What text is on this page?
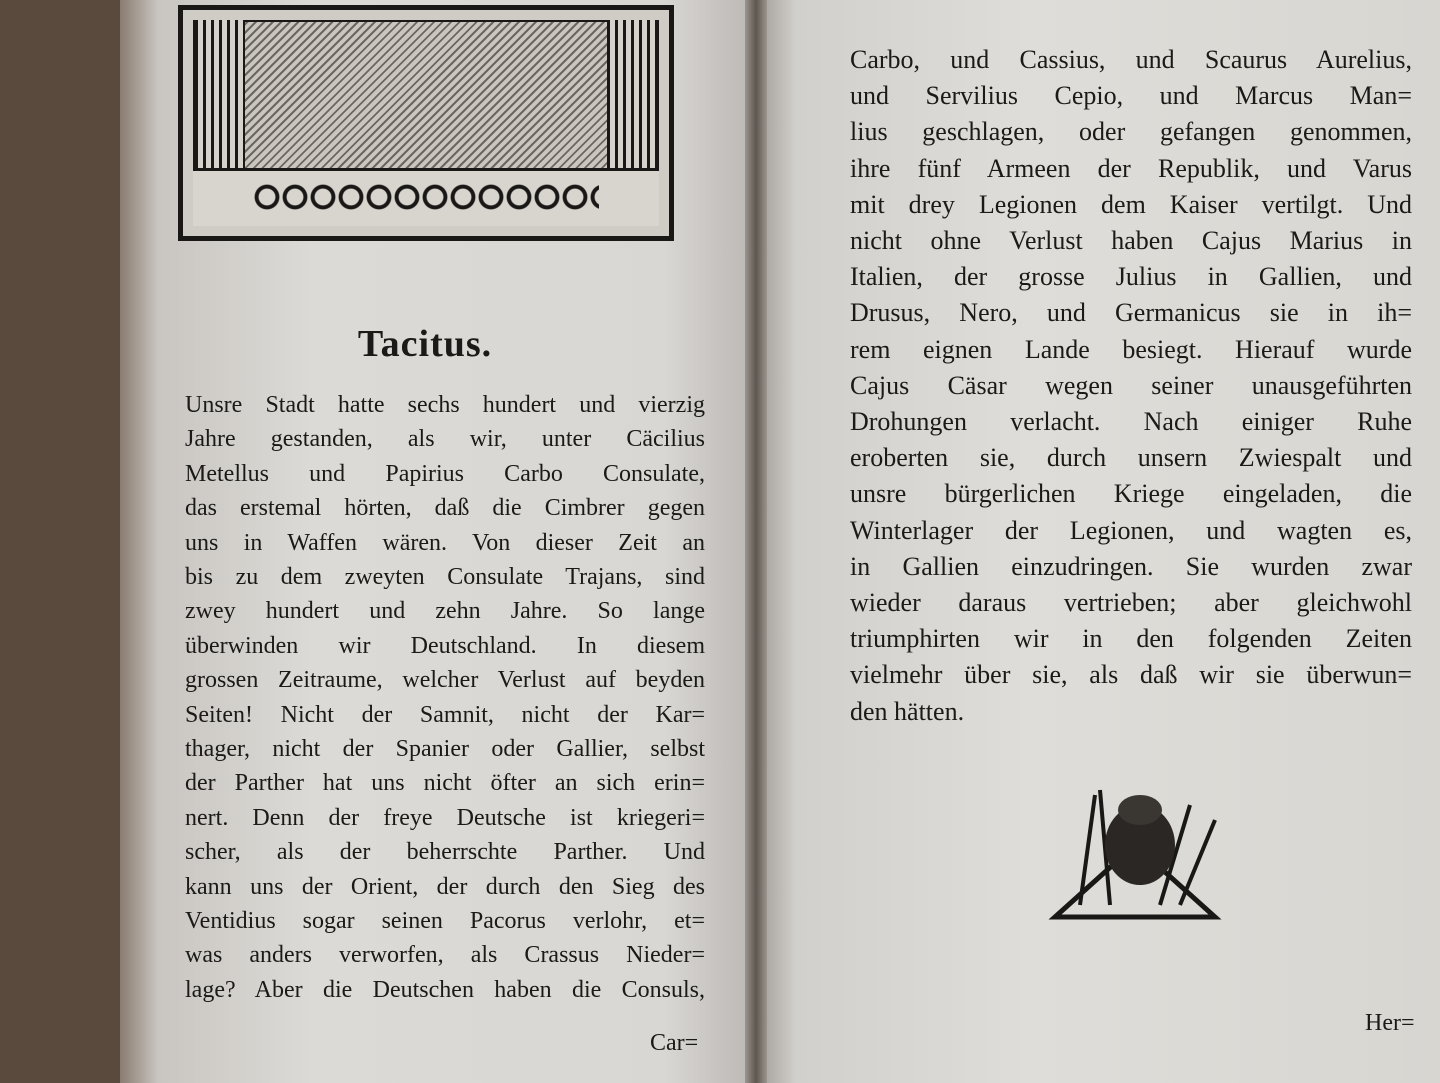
Tacitus.
Unsre Stadt hatte sechs hundert und vierzig
Jahre gestanden, als wir, unter Cäcilius
Metellus und Papirius Carbo Consulate,
das erstemal hörten, daß die Cimbrer gegen
uns in Waffen wären. Von dieser Zeit an
bis zu dem zweyten Consulate Trajans, sind
zwey hundert und zehn Jahre. So lange
überwinden wir Deutschland. In diesem
grossen Zeitraume, welcher Verlust auf beyden
Seiten! Nicht der Samnit, nicht der Kar=
thager, nicht der Spanier oder Gallier, selbst
der Parther hat uns nicht öfter an sich erin=
nert. Denn der freye Deutsche ist kriegeri=
scher, als der beherrschte Parther. Und
kann uns der Orient, der durch den Sieg des
Ventidius sogar seinen Pacorus verlohr, et=
was anders verworfen, als Crassus Nieder=
lage? Aber die Deutschen haben die Consuls,
Car=
Carbo, und Cassius, und Scaurus Aurelius,
und Servilius Cepio, und Marcus Man=
lius geschlagen, oder gefangen genommen,
ihre fünf Armeen der Republik, und Varus
mit drey Legionen dem Kaiser vertilgt. Und
nicht ohne Verlust haben Cajus Marius in
Italien, der grosse Julius in Gallien, und
Drusus, Nero, und Germanicus sie in ih=
rem eignen Lande besiegt. Hierauf wurde
Cajus Cäsar wegen seiner unausgeführten
Drohungen verlacht. Nach einiger Ruhe
eroberten sie, durch unsern Zwiespalt und
unsre bürgerlichen Kriege eingeladen, die
Winterlager der Legionen, und wagten es,
in Gallien einzudringen. Sie wurden zwar
wieder daraus vertrieben; aber gleichwohl
triumphirten wir in den folgenden Zeiten
vielmehr über sie, als daß wir sie überwun=
den hätten.
Her=
